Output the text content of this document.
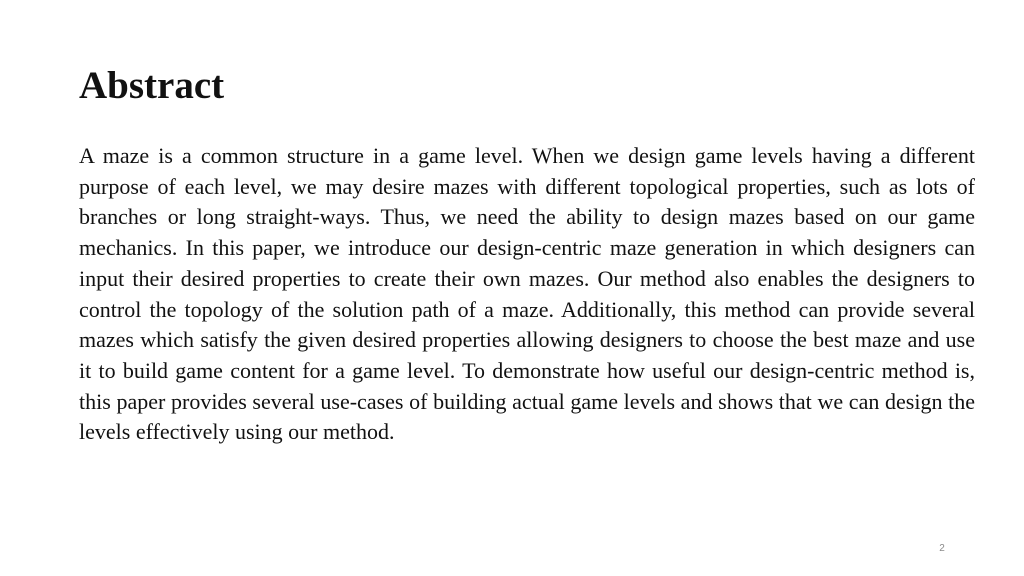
Abstract

A maze is a common structure in a game level. When we design game levels having a different purpose of each level, we may desire mazes with different topological properties, such as lots of branches or long straight-ways. Thus, we need the ability to design mazes based on our game mechanics. In this paper, we introduce our design-centric maze generation in which designers can input their desired properties to create their own mazes. Our method also enables the designers to control the topology of the solution path of a maze. Additionally, this method can provide several mazes which satisfy the given desired properties allowing designers to choose the best maze and use it to build game content for a game level. To demonstrate how useful our design-centric method is, this paper provides several use-cases of building actual game levels and shows that we can design the levels effectively using our method.

2
